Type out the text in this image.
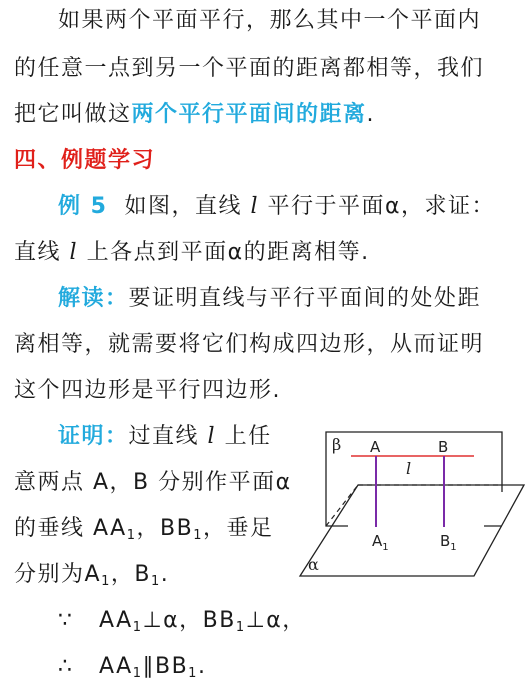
如果两个平面平行，那么其中一个平面内
的任意一点到另一个平面的距离都相等，我们
把它叫做这两个平行平面间的距离.
四、例题学习
例 5 如图，直线 l 平行于平面α，求证：
直线 l 上各点到平面α的距离相等.
解读：要证明直线与平行平面间的处处距
离相等，就需要将它们构成四边形，从而证明
这个四边形是平行四边形.
证明：过直线 l 上任
意两点 A，B 分别作平面α
的垂线 $AA_1$，$BB_1$，垂足
分别为$A_1$，$B_1$.
∵ $AA_1\perp\alpha$，$BB_1\perp\alpha$，
∴ $AA_1\parallel BB_1$.
β A	B
l
$A_1$	$B_1$
α
